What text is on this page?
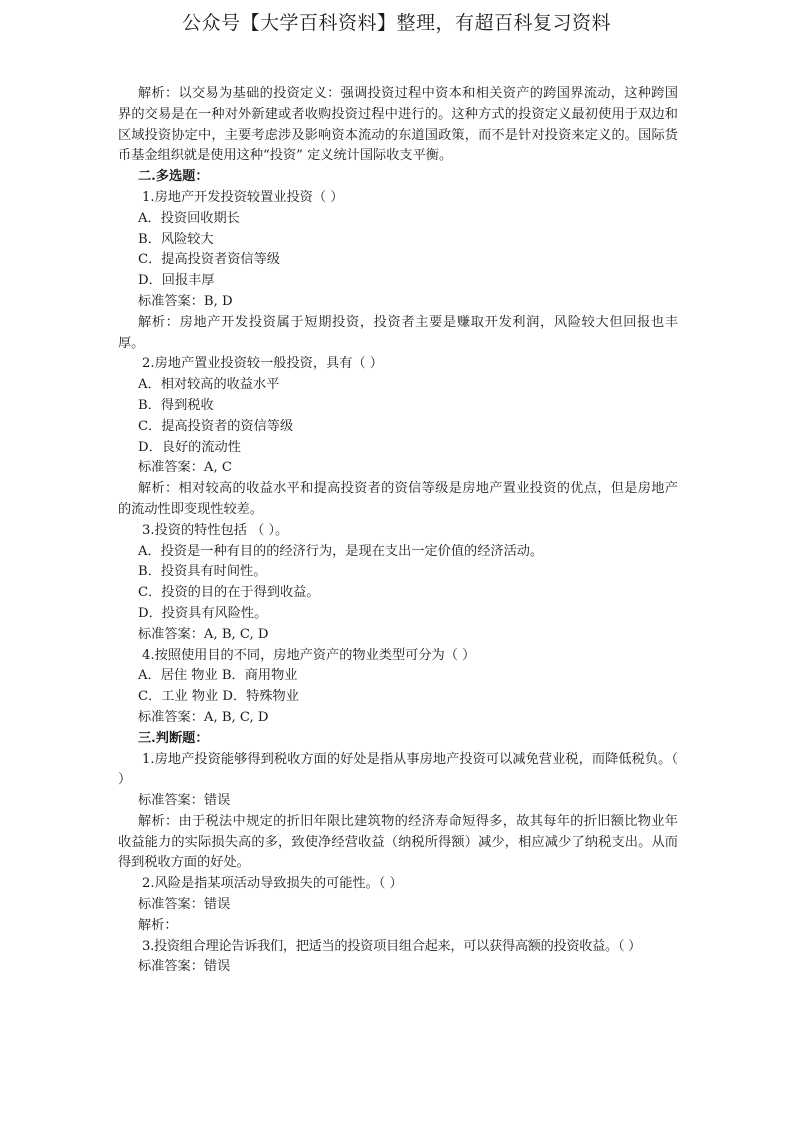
公众号【大学百科资料】整理，有超百科复习资料
解析：以交易为基础的投资定义：强调投资过程中资本和相关资产的跨国界流动，这种跨国界的交易是在一种对外新建或者收购投资过程中进行的。这种方式的投资定义最初使用于双边和区域投资协定中，主要考虑涉及影响资本流动的东道国政策，而不是针对投资来定义的。国际货币基金组织就是使用这种“投资” 定义统计国际收支平衡。
二.多选题：
1.房地产开发投资较置业投资（ ）
A．投资回收期长
B．风险较大
C．提高投资者资信等级
D．回报丰厚
标准答案：B, D
解析：房地产开发投资属于短期投资，投资者主要是赚取开发利润，风险较大但回报也丰厚。
2.房地产置业投资较一般投资，具有（ ）
A．相对较高的收益水平
B．得到税收
C．提高投资者的资信等级
D．良好的流动性
标准答案：A, C
解析：相对较高的收益水平和提高投资者的资信等级是房地产置业投资的优点，但是房地产的流动性即变现性较差。
3.投资的特性包括 （ ）。
A．投资是一种有目的的经济行为，是现在支出一定价值的经济活动。
B．投资具有时间性。
C．投资的目的在于得到收益。
D．投资具有风险性。
标准答案：A, B, C, D
4.按照使用目的不同，房地产资产的物业类型可分为（ ）
A．居住 物业 B．商用物业
C．工业 物业 D．特殊物业
标准答案：A, B, C, D
三.判断题：
1.房地产投资能够得到税收方面的好处是指从事房地产投资可以减免营业税，而降低税负。（ ）
标准答案：错误
解析：由于税法中规定的折旧年限比建筑物的经济寿命短得多，故其每年的折旧额比物业年收益能力的实际损失高的多，致使净经营收益（纳税所得额）减少，相应减少了纳税支出。从而得到税收方面的好处。
2.风险是指某项活动导致损失的可能性。（ ）
标准答案：错误
解析：
3.投资组合理论告诉我们，把适当的投资项目组合起来，可以获得高额的投资收益。（ ）
标准答案：错误
